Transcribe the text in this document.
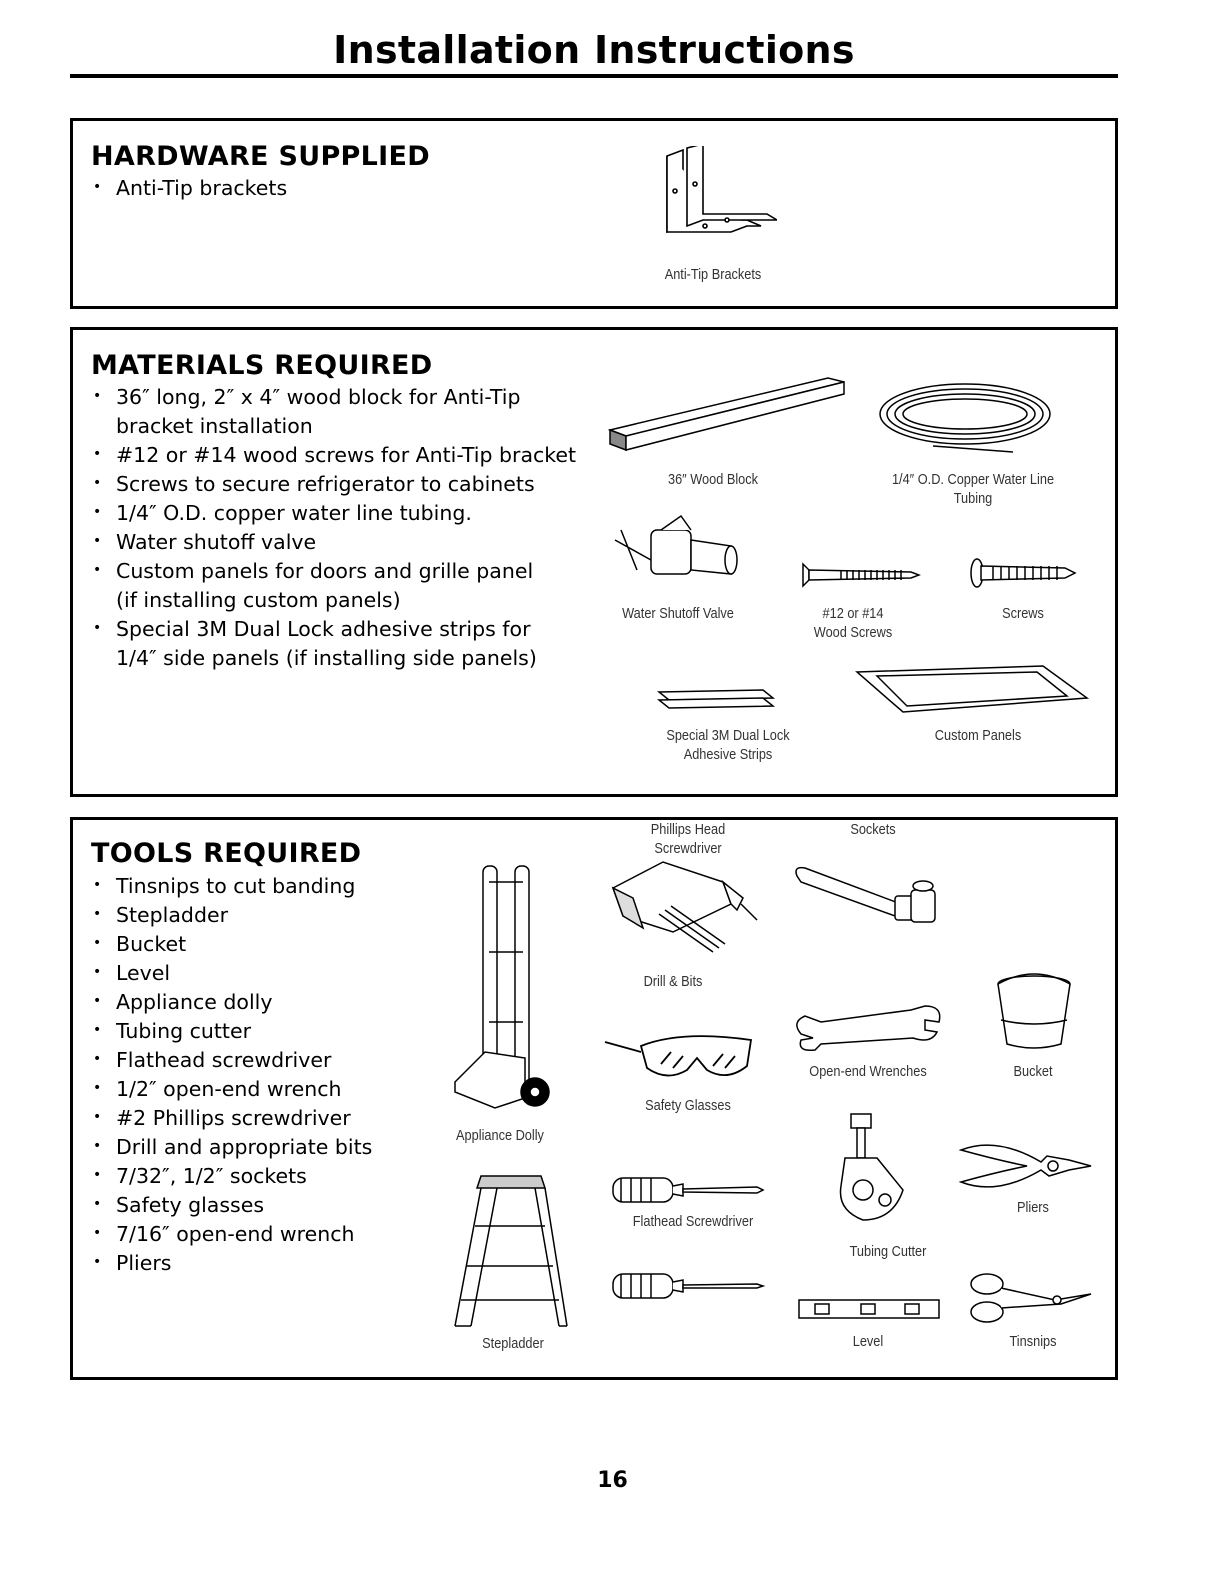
Installation Instructions
HARDWARE SUPPLIED
• Anti-Tip brackets
Anti-Tip Brackets
MATERIALS REQUIRED
• 36″ long, 2″ x 4″ wood block for Anti-Tip
bracket installation
• #12 or #14 wood screws for Anti-Tip bracket
• Screws to secure refrigerator to cabinets
• 1/4″ O.D. copper water line tubing.
• Water shutoff valve
• Custom panels for doors and grille panel
(if installing custom panels)
• Special 3M Dual Lock adhesive strips for
1/4″ side panels (if installing side panels)
36″ Wood Block	1/4″ O.D. Copper Water Line
Tubing
Water Shutoff Valve	#12 or #14
Wood Screws
Screws
Special 3M Dual Lock
Adhesive Strips
Custom Panels
TOOLS REQUIRED
• Tinsnips to cut banding
• Stepladder
• Bucket
• Level
• Appliance dolly
• Tubing cutter
• Flathead screwdriver
• 1/2″ open-end wrench
• #2 Phillips screwdriver
• Drill and appropriate bits
• 7/32″, 1/2″ sockets
• Safety glasses
• 7/16″ open-end wrench
• Pliers
Appliance Dolly
Stepladder
Drill & Bits
Safety Glasses
Flathead Screwdriver
Phillips Head
Screwdriver
Sockets
Open-end Wrenches	Bucket
Tubing Cutter
Pliers
Level	Tinsnips
16
